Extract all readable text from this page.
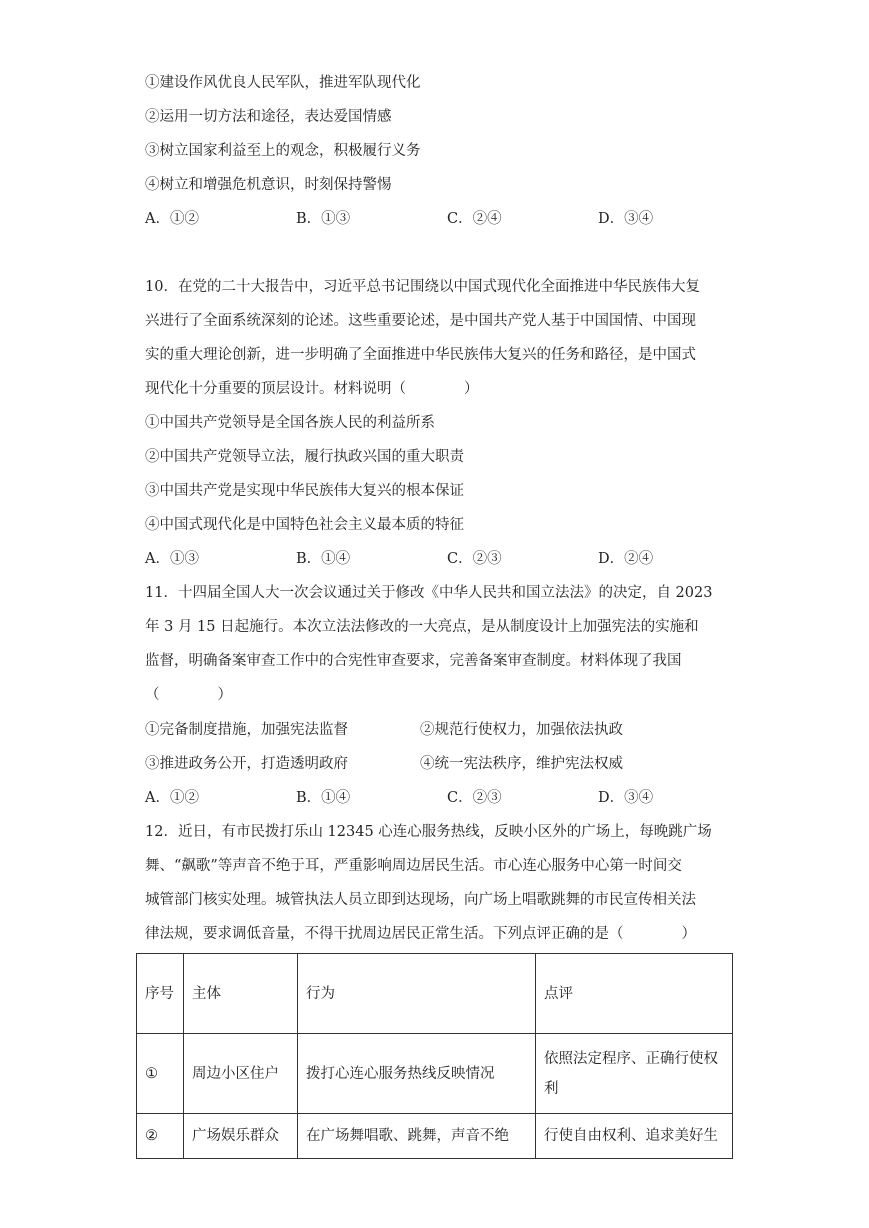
①建设作风优良人民军队，推进军队现代化
②运用一切方法和途径，表达爱国情感
③树立国家利益至上的观念，积极履行义务
④树立和增强危机意识，时刻保持警惕
A．①②	B．①③	C．②④	D．③④
10．在党的二十大报告中，习近平总书记围绕以中国式现代化全面推进中华民族伟大复
兴进行了全面系统深刻的论述。这些重要论述，是中国共产党人基于中国国情、中国现
实的重大理论创新，进一步明确了全面推进中华民族伟大复兴的任务和路径，是中国式
现代化十分重要的顶层设计。材料说明（　　　　）
①中国共产党领导是全国各族人民的利益所系
②中国共产党领导立法，履行执政兴国的重大职责
③中国共产党是实现中华民族伟大复兴的根本保证
④中国式现代化是中国特色社会主义最本质的特征
A．①③	B．①④	C．②③	D．②④
11．十四届全国人大一次会议通过关于修改《中华人民共和国立法法》的决定，自 2023
年 3 月 15 日起施行。本次立法法修改的一大亮点，是从制度设计上加强宪法的实施和
监督，明确备案审查工作中的合宪性审查要求，完善备案审查制度。材料体现了我国
（　　　　）
①完备制度措施，加强宪法监督	②规范行使权力，加强依法执政
③推进政务公开，打造透明政府	④统一宪法秩序，维护宪法权威
A．①②	B．①④	C．②③	D．③④
12．近日，有市民拨打乐山 12345 心连心服务热线，反映小区外的广场上，每晚跳广场
舞、“飙歌”等声音不绝于耳，严重影响周边居民生活。市心连心服务中心第一时间交
城管部门核实处理。城管执法人员立即到达现场，向广场上唱歌跳舞的市民宣传相关法
律法规，要求调低音量，不得干扰周边居民正常生活。下列点评正确的是（　　　　）
序号	主体	行为	点评
①	周边小区住户	拨打心连心服务热线反映情况	依照法定程序、正确行使权利
②	广场娱乐群众	在广场舞唱歌、跳舞，声音不绝	行使自由权利、追求美好生
